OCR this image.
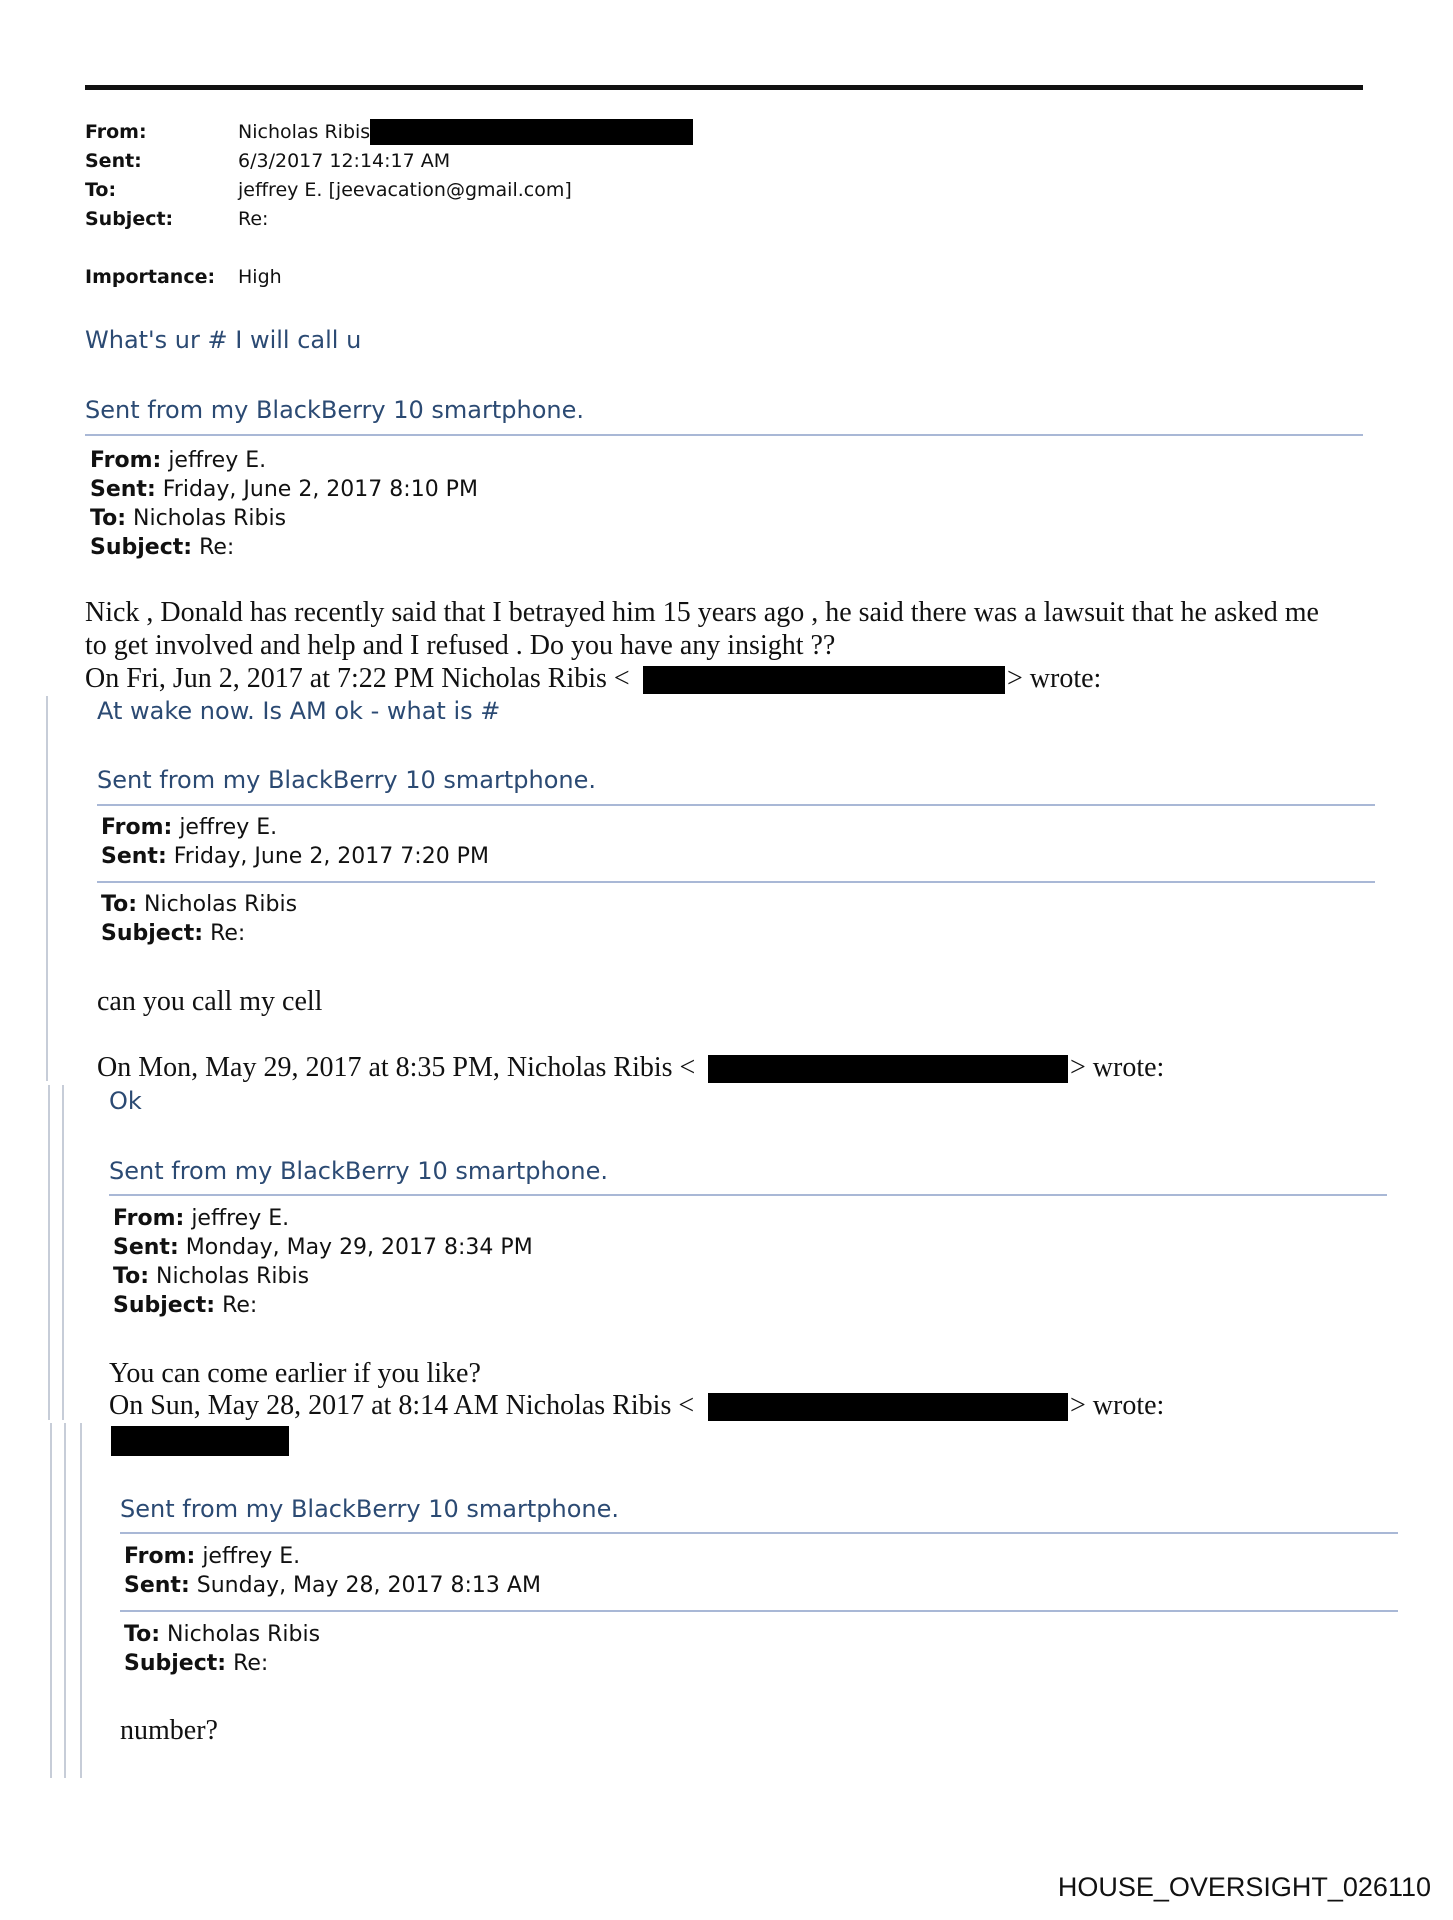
From:	Nicholas Ribis
Sent:	6/3/2017 12:14:17 AM
To:	jeffrey E. [jeevacation@gmail.com]
Subject:	Re:
Importance: High
What's ur # I will call u
Sent from my BlackBerry 10 smartphone.
From: jeffrey E.
Sent: Friday, June 2, 2017 8:10 PM
To: Nicholas Ribis
Subject: Re:
Nick , Donald has recently said that I betrayed him 15 years ago , he said there was a lawsuit that he asked me
to get involved and help and I refused . Do you have any insight ??
On Fri, Jun 2, 2017 at 7:22 PM Nicholas Ribis <	> wrote:
At wake now. Is AM ok - what is #
Sent from my BlackBerry 10 smartphone.
From: jeffrey E.
Sent: Friday, June 2, 2017 7:20 PM
To: Nicholas Ribis
Subject: Re:
can you call my cell
On Mon, May 29, 2017 at 8:35 PM, Nicholas Ribis <	> wrote:
Ok
Sent from my BlackBerry 10 smartphone.
From: jeffrey E.
Sent: Monday, May 29, 2017 8:34 PM
To: Nicholas Ribis
Subject: Re:
You can come earlier if you like?
On Sun, May 28, 2017 at 8:14 AM Nicholas Ribis <	> wrote:
Sent from my BlackBerry 10 smartphone.
From: jeffrey E.
Sent: Sunday, May 28, 2017 8:13 AM
To: Nicholas Ribis
Subject: Re:
number?
HOUSE_OVERSIGHT_026110
